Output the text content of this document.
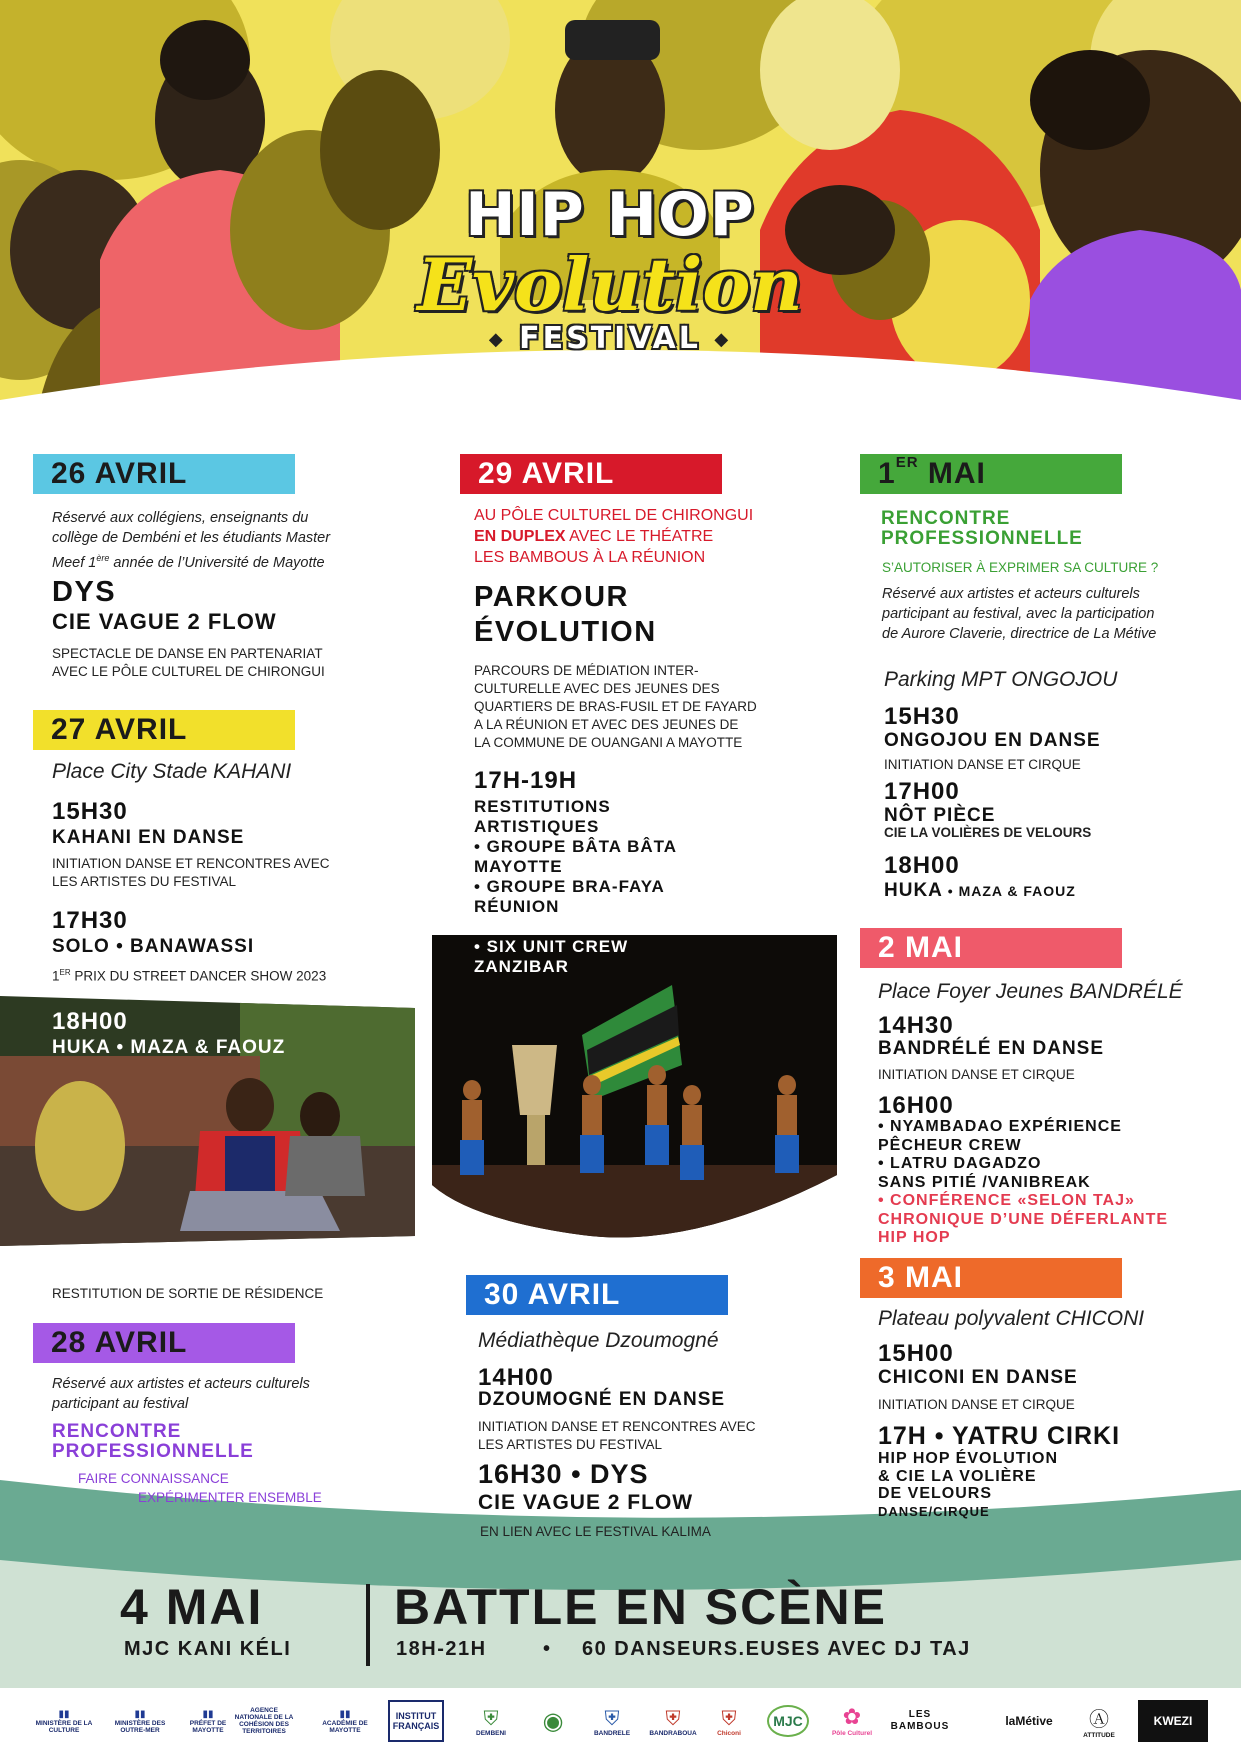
HIP HOP
Evolution
◆ FESTIVAL ◆
26 AVRIL
Réservé aux collégiens, enseignants du
collège de Dembéni et les étudiants Master
Meef 1ère année de l’Université de Mayotte
DYS
CIE VAGUE 2 FLOW
SPECTACLE DE DANSE EN PARTENARIAT
AVEC LE PÔLE CULTUREL DE CHIRONGUI
27 AVRIL
Place City Stade KAHANI
15H30
KAHANI EN DANSE
INITIATION DANSE ET RENCONTRES AVEC
LES ARTISTES DU FESTIVAL
17H30
SOLO • BANAWASSI
1ER PRIX DU STREET DANCER SHOW 2023
18H00
HUKA • MAZA & FAOUZ
RESTITUTION DE SORTIE DE RÉSIDENCE
28 AVRIL
Réservé aux artistes et acteurs culturels
participant au festival
RENCONTRE
PROFESSIONNELLE
FAIRE CONNAISSANCE
EXPÉRIMENTER ENSEMBLE
29 AVRIL
AU PÔLE CULTUREL DE CHIRONGUI
EN DUPLEX AVEC LE THÉATRE
LES BAMBOUS À LA RÉUNION
PARKOUR
ÉVOLUTION
PARCOURS DE MÉDIATION INTER-
CULTURELLE AVEC DES JEUNES DES
QUARTIERS DE BRAS-FUSIL ET DE FAYARD
A LA RÉUNION ET AVEC DES JEUNES DE
LA COMMUNE DE OUANGANI A MAYOTTE
17H-19H
RESTITUTIONS
ARTISTIQUES
• GROUPE BÂTA BÂTA
MAYOTTE
• GROUPE BRA-FAYA
RÉUNION
• SIX UNIT CREW
ZANZIBAR
30 AVRIL
Médiathèque Dzoumogné
14H00
DZOUMOGNÉ EN DANSE
INITIATION DANSE ET RENCONTRES AVEC
LES ARTISTES DU FESTIVAL
16H30 • DYS
CIE VAGUE 2 FLOW
EN LIEN AVEC LE FESTIVAL KALIMA
1ER MAI
RENCONTRE
PROFESSIONNELLE
S’AUTORISER À EXPRIMER SA CULTURE ?
Réservé aux artistes et acteurs culturels
participant au festival, avec la participation
de Aurore Claverie, directrice de La Métive
Parking MPT ONGOJOU
15H30
ONGOJOU EN DANSE
INITIATION DANSE ET CIRQUE
17H00
NÔT PIÈCE
CIE LA VOLIÈRES DE VELOURS
18H00
HUKA • MAZA & FAOUZ
2 MAI
Place Foyer Jeunes BANDRÉLÉ
14H30
BANDRÉLÉ EN DANSE
INITIATION DANSE ET CIRQUE
16H00
• NYAMBADAO EXPÉRIENCE
PÊCHEUR CREW
• LATRU DAGADZO
SANS PITIÉ /VANIBREAK
• CONFÉRENCE «SELON TAJ»
CHRONIQUE D’UNE DÉFERLANTE
HIP HOP
3 MAI
Plateau polyvalent CHICONI
15H00
CHICONI EN DANSE
INITIATION DANSE ET CIRQUE
17H • YATRU CIRKI
HIP HOP ÉVOLUTION
& CIE LA VOLIÈRE
DE VELOURS
DANSE/CIRQUE
4 MAI
MJC KANI KÉLI
BATTLE EN SCÈNE
18H-21H	• 60 DANSEURS.EUSES AVEC DJ TAJ
▮▮
MINISTÈRE DE LA CULTURE
▮▮
MINISTÈRE DES OUTRE-MER
▮▮
PRÉFET DE MAYOTTE
AGENCE NATIONALE DE LA COHÉSION DES TERRITOIRES
▮▮
ACADÉMIE DE MAYOTTE
INSTITUT FRANÇAIS ⛨
DEMBENI ◉ ⛨
BANDRELE
⛨
BANDRABOUA
⛨
Chiconi
MJC ✿
Pôle Culturel
LES BAMBOUS	laMétive Ⓐ
ATTITUDE
KWEZI
